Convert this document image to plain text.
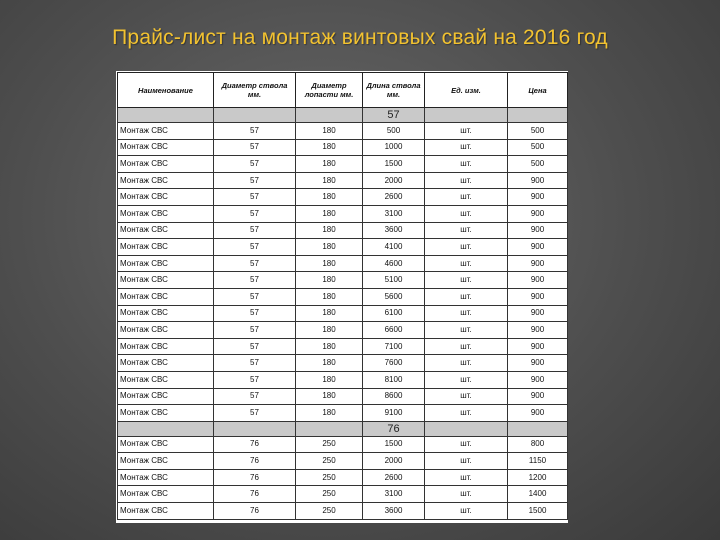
Прайс-лист на монтаж винтовых свай на 2016 год
Наименование	Диаметр ствола мм.	Диаметр лопасти мм.	Длина ствола мм.	Ед. изм.	Цена
			57		
Монтаж СВС	57	180	500	шт.	500
Монтаж СВС	57	180	1000	шт.	500
Монтаж СВС	57	180	1500	шт.	500
Монтаж СВС	57	180	2000	шт.	900
Монтаж СВС	57	180	2600	шт.	900
Монтаж СВС	57	180	3100	шт.	900
Монтаж СВС	57	180	3600	шт.	900
Монтаж СВС	57	180	4100	шт.	900
Монтаж СВС	57	180	4600	шт.	900
Монтаж СВС	57	180	5100	шт.	900
Монтаж СВС	57	180	5600	шт.	900
Монтаж СВС	57	180	6100	шт.	900
Монтаж СВС	57	180	6600	шт.	900
Монтаж СВС	57	180	7100	шт.	900
Монтаж СВС	57	180	7600	шт.	900
Монтаж СВС	57	180	8100	шт.	900
Монтаж СВС	57	180	8600	шт.	900
Монтаж СВС	57	180	9100	шт.	900
			76		
Монтаж СВС	76	250	1500	шт.	800
Монтаж СВС	76	250	2000	шт.	1150
Монтаж СВС	76	250	2600	шт.	1200
Монтаж СВС	76	250	3100	шт.	1400
Монтаж СВС	76	250	3600	шт.	1500
